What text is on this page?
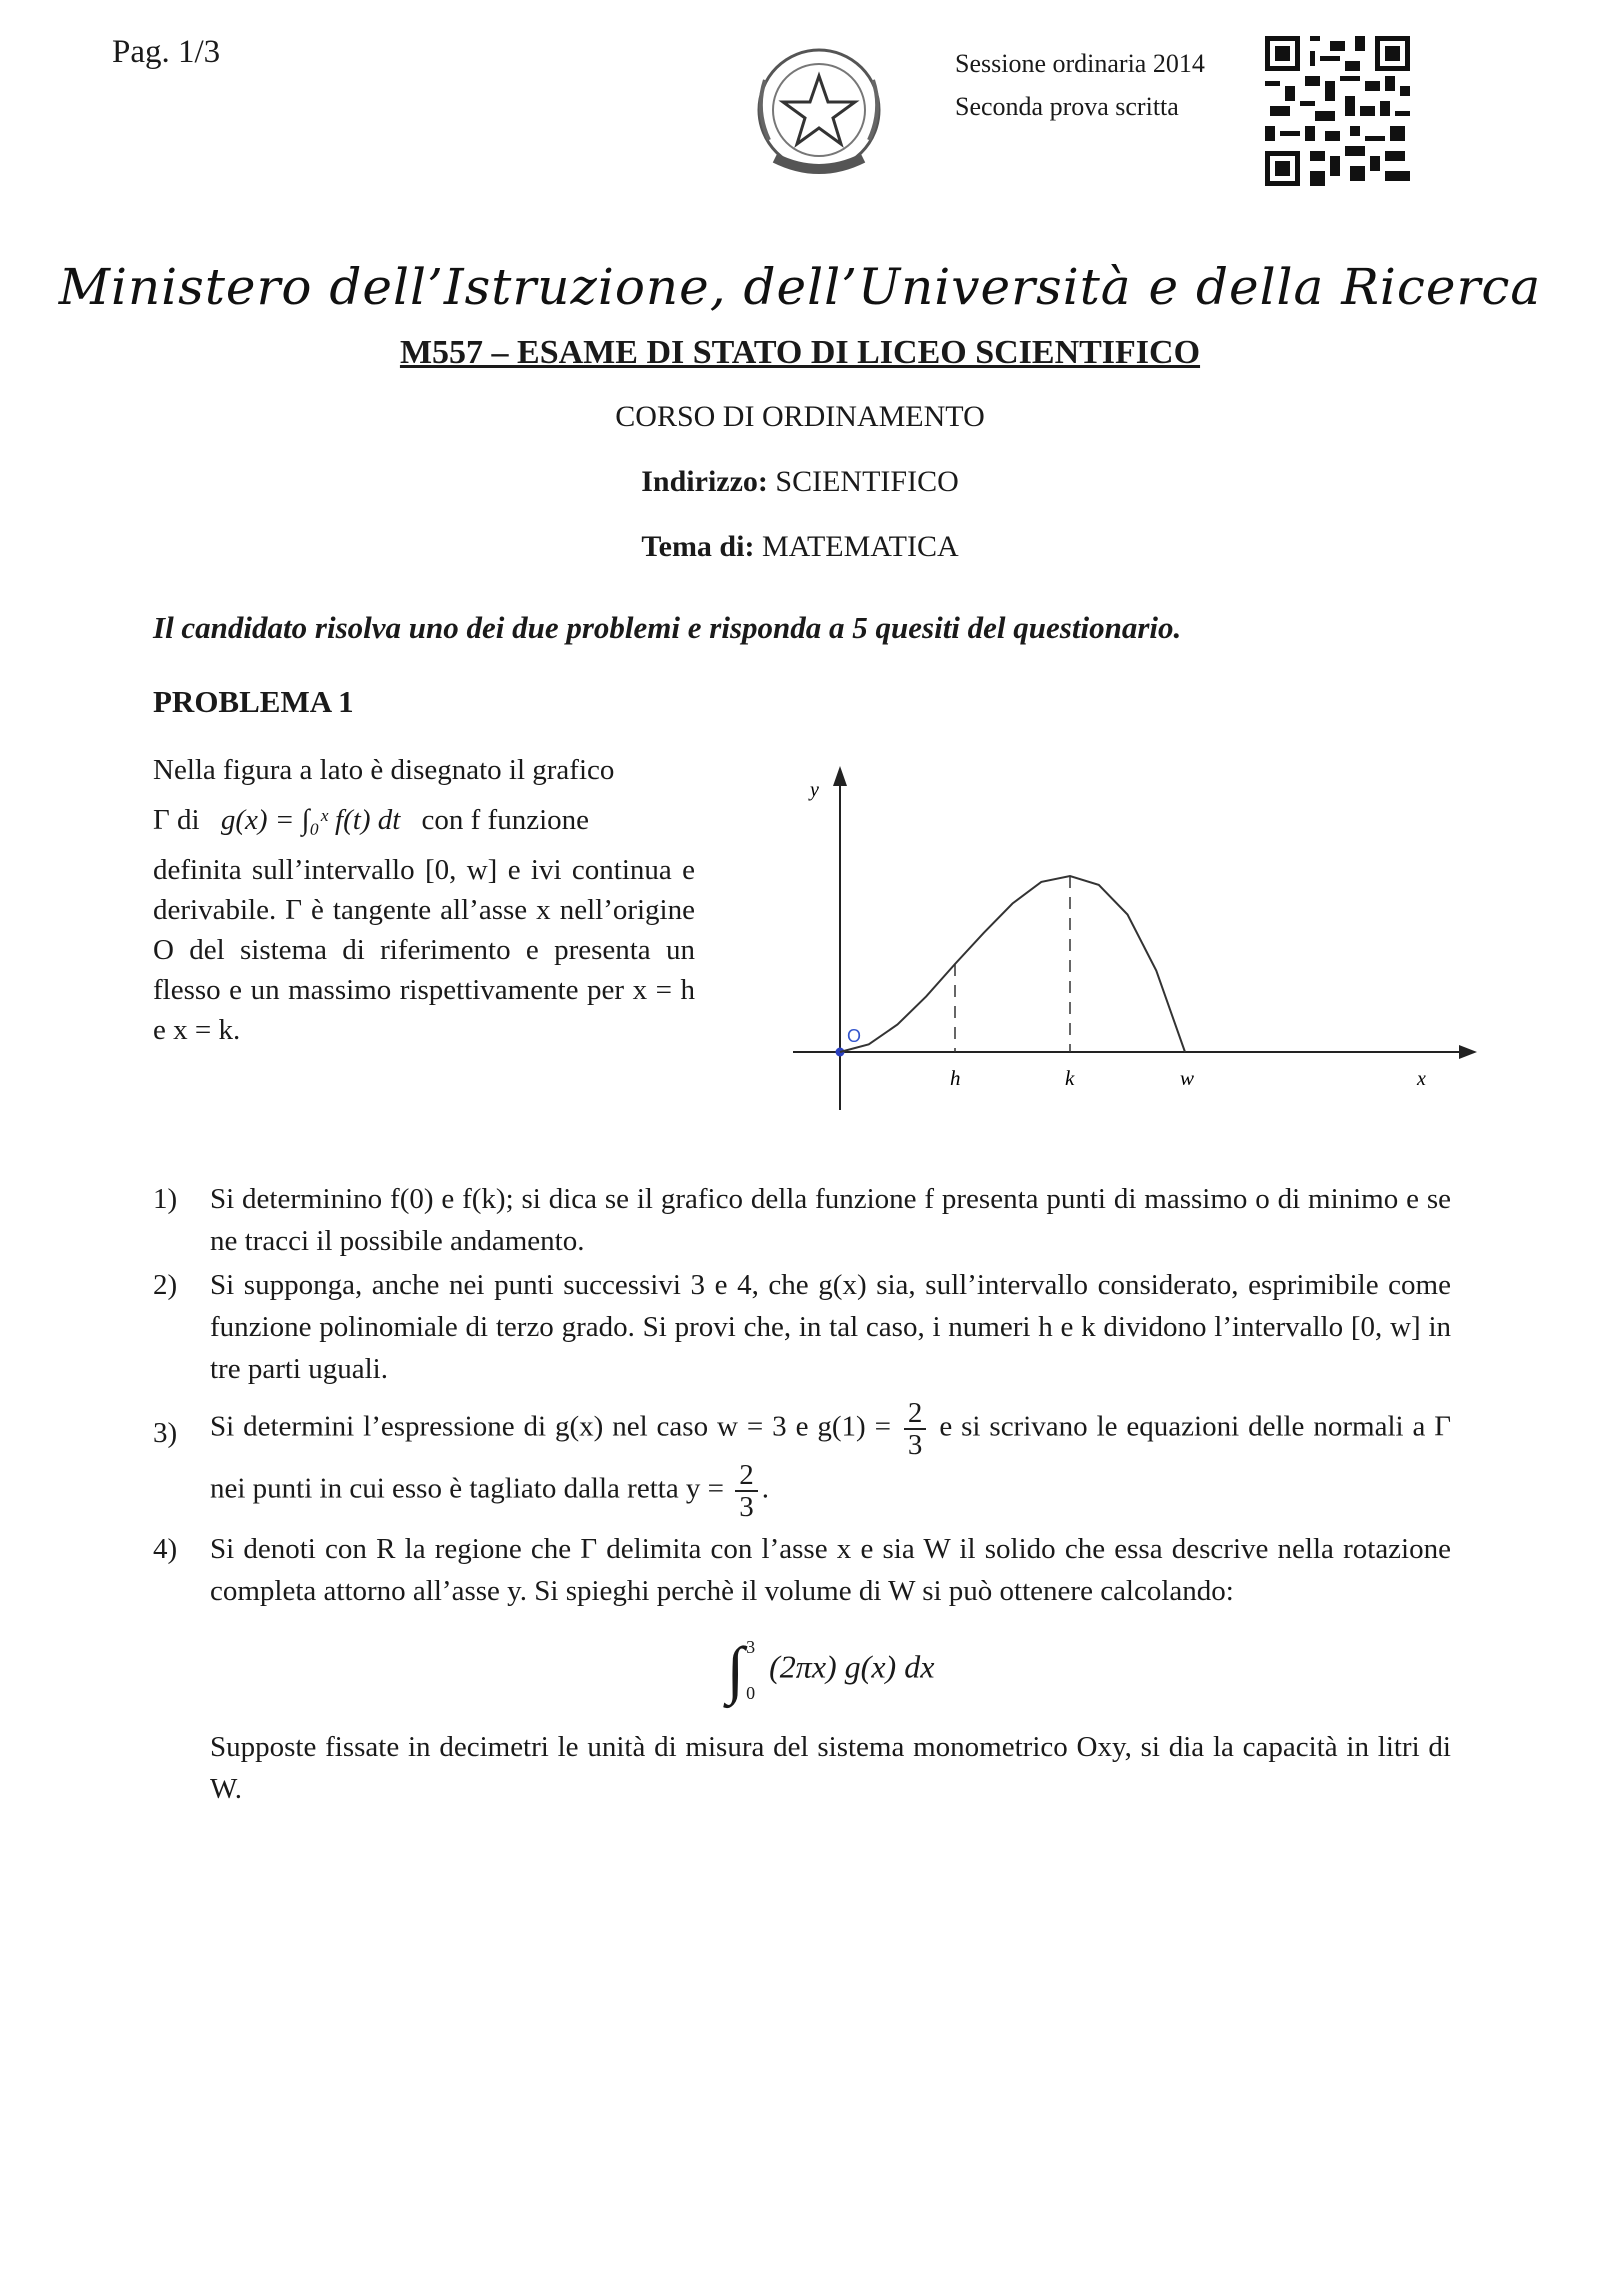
Pag. 1/3	Sessione ordinaria 2014
Seconda prova scritta
Ministero dell’Istruzione, dell’Università e della Ricerca
M557 – ESAME DI STATO DI LICEO SCIENTIFICO
CORSO DI ORDINAMENTO
Indirizzo: SCIENTIFICO
Tema di: MATEMATICA
Il candidato risolva uno dei due problemi e risponda a 5 quesiti del questionario.
PROBLEMA 1

Nella figura a lato è disegnato il grafico

Γ di g(x) = ∫₀ˣ f(t) dt con f funzione

definita sull’intervallo [0, w] e ivi continua e derivabile. Γ è tangente all’asse x nell’origine O del sistema di riferimento e presenta un flesso e un massimo rispettivamente per x = h e x = k.

y
x
O
h	k	w
1) Si determinino f(0) e f(k); si dica se il grafico della funzione f presenta punti di massimo o di minimo e se ne tracci il possibile andamento.
2) Si supponga, anche nei punti successivi 3 e 4, che g(x) sia, sull’intervallo considerato, esprimibile come funzione polinomiale di terzo grado. Si provi che, in tal caso, i numeri h e k dividono l’intervallo [0, w] in tre parti uguali.
3) Si determini l’espressione di g(x) nel caso w = 3 e $g(1) = \frac{2}{3}$ e si scrivano le equazioni delle normali a Γ nei punti in cui esso è tagliato dalla retta $y = \frac{2}{3}$ .
4) Si denoti con R la regione che Γ delimita con l’asse x e sia W il solido che essa descrive nella rotazione completa attorno all’asse y. Si spieghi perchè il volume di W si può ottenere calcolando:
∫ 3
0
(2πx) g(x) dx
Supposte fissate in decimetri le unità di misura del sistema monometrico Oxy, si dia la capacità in litri di W.
